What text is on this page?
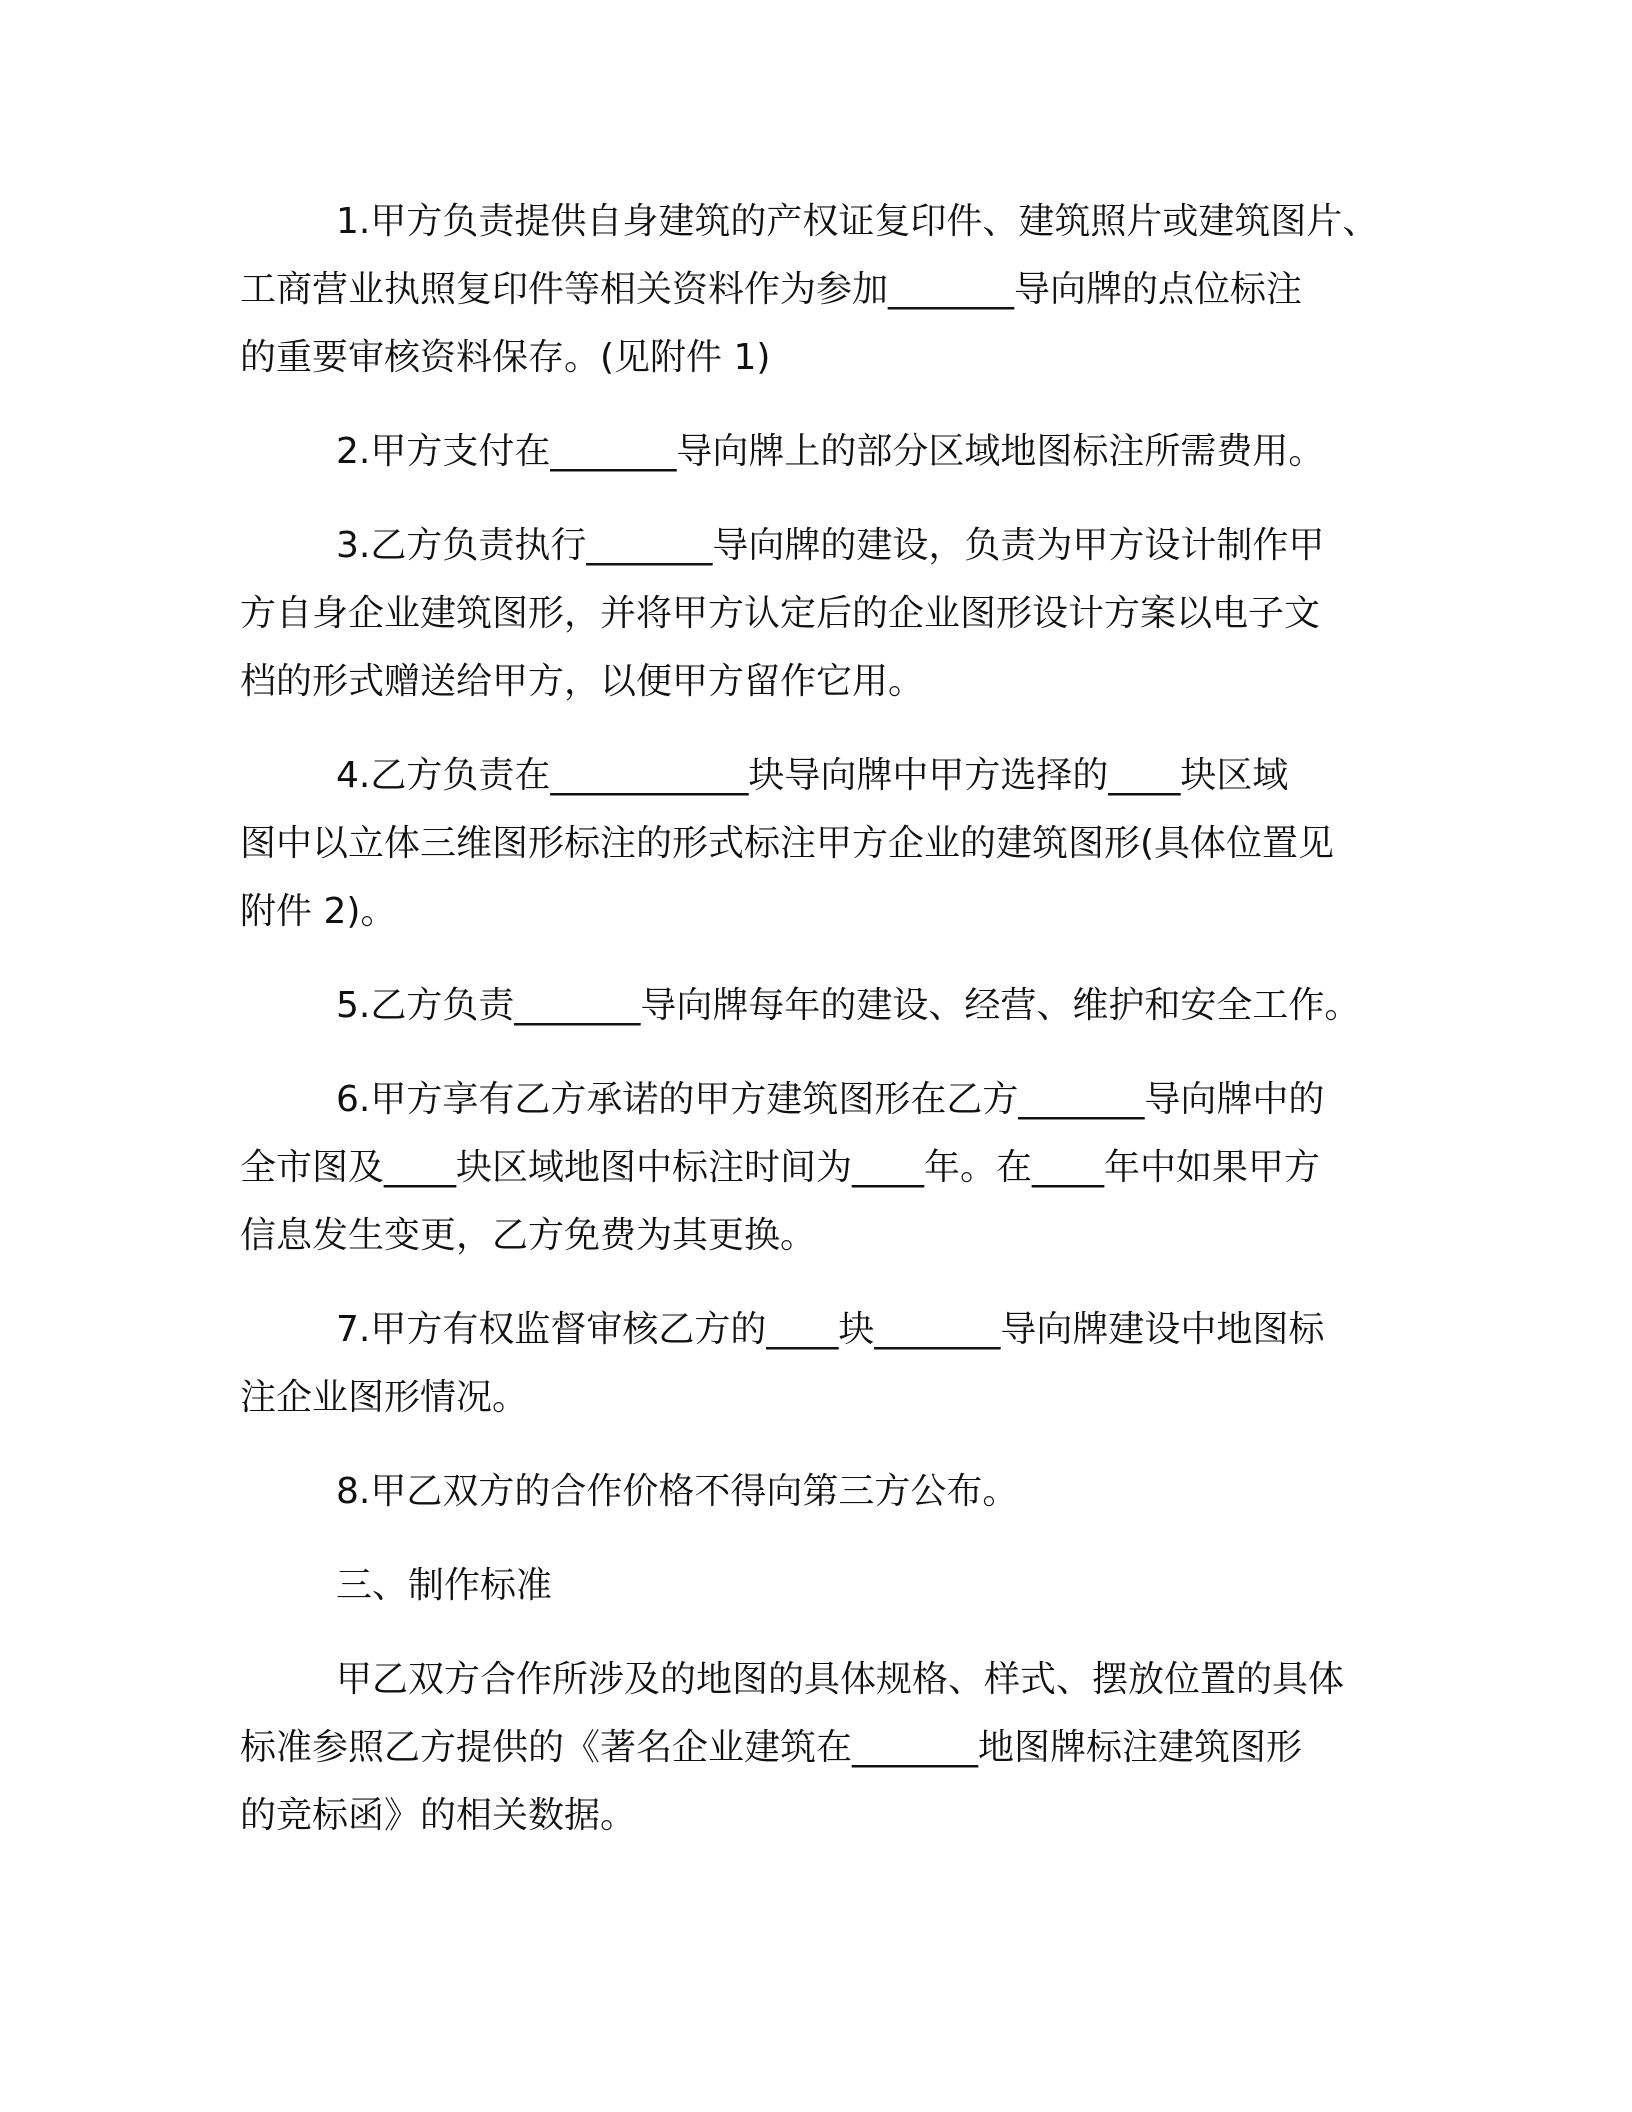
1.甲方负责提供自身建筑的产权证复印件、建筑照片或建筑图片、
工商营业执照复印件等相关资料作为参加_______导向牌的点位标注
的重要审核资料保存。(见附件 1)

2.甲方支付在_______导向牌上的部分区域地图标注所需费用。

3.乙方负责执行_______导向牌的建设，负责为甲方设计制作甲
方自身企业建筑图形，并将甲方认定后的企业图形设计方案以电子文
档的形式赠送给甲方，以便甲方留作它用。

4.乙方负责在___________块导向牌中甲方选择的____块区域
图中以立体三维图形标注的形式标注甲方企业的建筑图形(具体位置见
附件 2)。

5.乙方负责_______导向牌每年的建设、经营、维护和安全工作。

6.甲方享有乙方承诺的甲方建筑图形在乙方_______导向牌中的
全市图及____块区域地图中标注时间为____年。在____年中如果甲方
信息发生变更，乙方免费为其更换。

7.甲方有权监督审核乙方的____块_______导向牌建设中地图标
注企业图形情况。

8.甲乙双方的合作价格不得向第三方公布。

三、制作标准

甲乙双方合作所涉及的地图的具体规格、样式、摆放位置的具体
标准参照乙方提供的《著名企业建筑在_______地图牌标注建筑图形
的竞标函》的相关数据。
